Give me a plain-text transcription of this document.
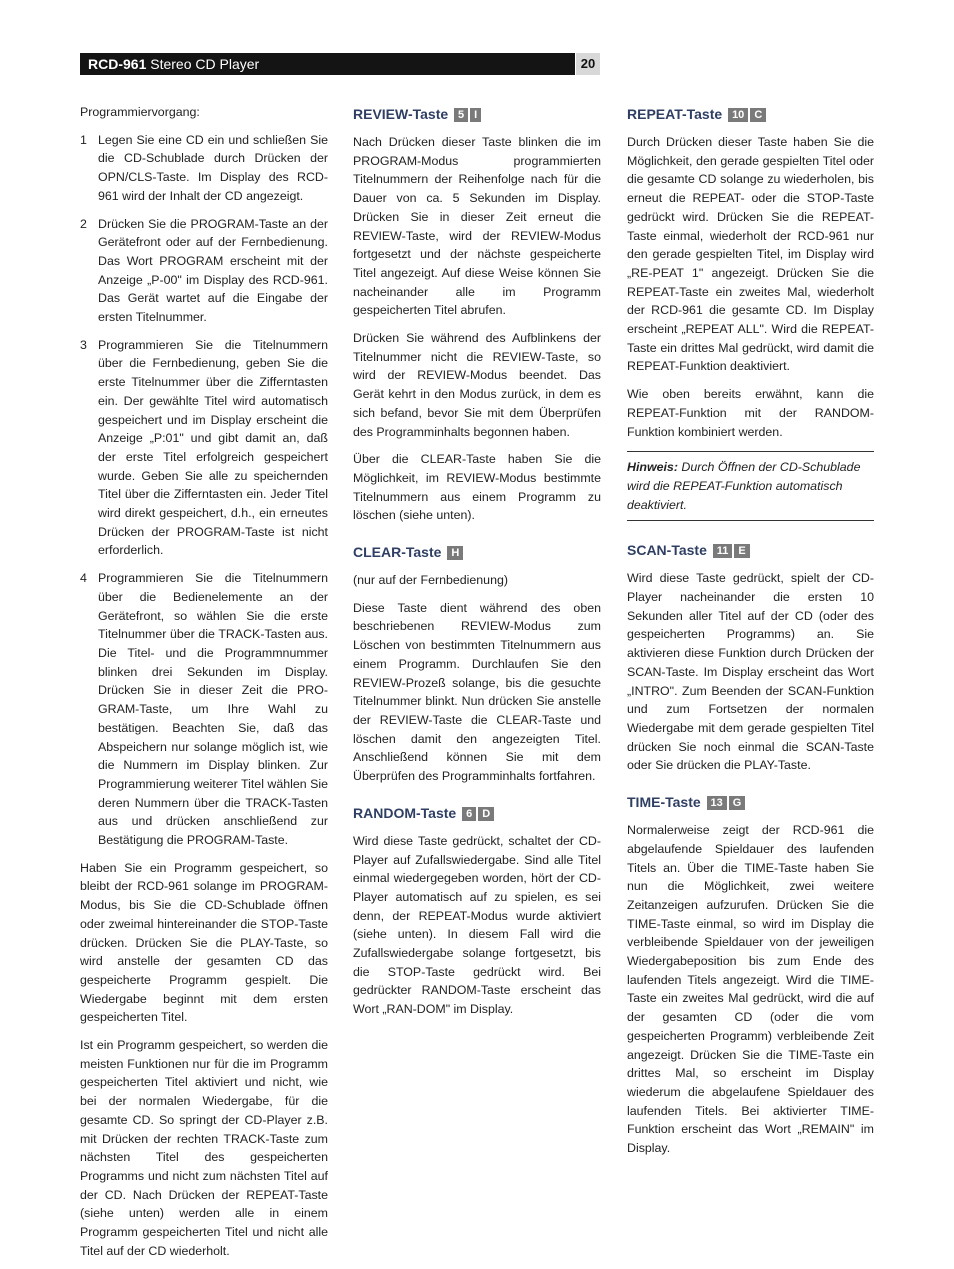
RCD-961 Stereo CD Player	20

Programmiervorgang:

1 Legen Sie eine CD ein und schließen Sie die CD-Schublade durch Drücken der OPN/CLS-Taste. Im Display des RCD-961 wird der Inhalt der CD angezeigt.
2 Drücken Sie die PROGRAM-Taste an der Gerätefront oder auf der Fernbedienung. Das Wort PROGRAM erscheint mit der Anzeige „P-00" im Display des RCD-961. Das Gerät wartet auf die Eingabe der ersten Titelnummer.
3 Programmieren Sie die Titelnummern über die Fernbedienung, geben Sie die erste Titelnummer über die Zifferntasten ein. Der gewählte Titel wird automatisch gespeichert und im Display erscheint die Anzeige „P:01" und gibt damit an, daß der erste Titel erfolgreich gespeichert wurde. Geben Sie alle zu speichernden Titel über die Zifferntasten ein. Jeder Titel wird direkt gespeichert, d.h., ein erneutes Drücken der PROGRAM-Taste ist nicht erforderlich.
4 Programmieren Sie die Titelnummern über die Bedienelemente an der Gerätefront, so wählen Sie die erste Titelnummer über die TRACK-Tasten aus. Die Titel- und die Programmnummer blinken drei Sekunden im Display. Drücken Sie in dieser Zeit die PRO-GRAM-Taste, um Ihre Wahl zu bestätigen. Beachten Sie, daß das Abspeichern nur solange möglich ist, wie die Nummern im Display blinken. Zur Programmierung weiterer Titel wählen Sie deren Nummern über die TRACK-Tasten aus und drücken anschließend zur Bestätigung die PROGRAM-Taste.

Haben Sie ein Programm gespeichert, so bleibt der RCD-961 solange im PROGRAM-Modus, bis Sie die CD-Schublade öffnen oder zweimal hintereinander die STOP-Taste drücken. Drücken Sie die PLAY-Taste, so wird anstelle der gesamten CD das gespeicherte Programm gespielt. Die Wiedergabe beginnt mit dem ersten gespeicherten Titel.

Ist ein Programm gespeichert, so werden die meisten Funktionen nur für die im Programm gespeicherten Titel aktiviert und nicht, wie bei der normalen Wiedergabe, für die gesamte CD. So springt der CD-Player z.B. mit Drücken der rechten TRACK-Taste zum nächsten Titel des gespeicherten Programms und nicht zum nächsten Titel auf der CD. Nach Drücken der REPEAT-Taste (siehe unten) werden alle in einem Programm gespeicherten Titel und nicht alle Titel auf der CD wiederholt.

REVIEW-Taste 5 I

Nach Drücken dieser Taste blinken die im PROGRAM-Modus programmierten Titelnummern der Reihenfolge nach für die Dauer von ca. 5 Sekunden im Display. Drücken Sie in dieser Zeit erneut die REVIEW-Taste, wird der REVIEW-Modus fortgesetzt und der nächste gespeicherte Titel angezeigt. Auf diese Weise können Sie nacheinander alle im Programm gespeicherten Titel abrufen.

Drücken Sie während des Aufblinkens der Titelnummer nicht die REVIEW-Taste, so wird der REVIEW-Modus beendet. Das Gerät kehrt in den Modus zurück, in dem es sich befand, bevor Sie mit dem Überprüfen des Programminhalts begonnen haben.

Über die CLEAR-Taste haben Sie die Möglichkeit, im REVIEW-Modus bestimmte Titelnummern aus einem Programm zu löschen (siehe unten).

CLEAR-Taste H

(nur auf der Fernbedienung)

Diese Taste dient während des oben beschriebenen REVIEW-Modus zum Löschen von bestimmten Titelnummern aus einem Programm. Durchlaufen Sie den REVIEW-Prozeß solange, bis die gesuchte Titelnummer blinkt. Nun drücken Sie anstelle der REVIEW-Taste die CLEAR-Taste und löschen damit den angezeigten Titel. Anschließend können Sie mit dem Überprüfen des Programminhalts fortfahren.

RANDOM-Taste 6 D

Wird diese Taste gedrückt, schaltet der CD-Player auf Zufallswiedergabe. Sind alle Titel einmal wiedergegeben worden, hört der CD-Player automatisch auf zu spielen, es sei denn, der REPEAT-Modus wurde aktiviert (siehe unten). In diesem Fall wird die Zufallswiedergabe solange fortgesetzt, bis die STOP-Taste gedrückt wird. Bei gedrückter RANDOM-Taste erscheint das Wort „RAN-DOM" im Display.

REPEAT-Taste 10 C

Durch Drücken dieser Taste haben Sie die Möglichkeit, den gerade gespielten Titel oder die gesamte CD solange zu wiederholen, bis erneut die REPEAT- oder die STOP-Taste gedrückt wird. Drücken Sie die REPEAT-Taste einmal, wiederholt der RCD-961 nur den gerade gespielten Titel, im Display wird „RE-PEAT 1" angezeigt. Drücken Sie die REPEAT-Taste ein zweites Mal, wiederholt der RCD-961 die gesamte CD. Im Display erscheint „REPEAT ALL". Wird die REPEAT-Taste ein drittes Mal gedrückt, wird damit die REPEAT-Funktion deaktiviert.

Wie oben bereits erwähnt, kann die REPEAT-Funktion mit der RANDOM-Funktion kombiniert werden.

Hinweis: Durch Öffnen der CD-Schublade wird die REPEAT-Funktion automatisch deaktiviert.
SCAN-Taste 11 E

Wird diese Taste gedrückt, spielt der CD-Player nacheinander die ersten 10 Sekunden aller Titel auf der CD (oder des gespeicherten Programms) an. Sie aktivieren diese Funktion durch Drücken der SCAN-Taste. Im Display erscheint das Wort „INTRO". Zum Beenden der SCAN-Funktion und zum Fortsetzen der normalen Wiedergabe mit dem gerade gespielten Titel drücken Sie noch einmal die SCAN-Taste oder Sie drücken die PLAY-Taste.

TIME-Taste 13 G

Normalerweise zeigt der RCD-961 die abgelaufende Spieldauer des laufenden Titels an. Über die TIME-Taste haben Sie nun die Möglichkeit, zwei weitere Zeitanzeigen aufzurufen. Drücken Sie die TIME-Taste einmal, so wird im Display die verbleibende Spieldauer von der jeweiligen Wiedergabeposition bis zum Ende des laufenden Titels angezeigt. Wird die TIME-Taste ein zweites Mal gedrückt, wird die auf der gesamten CD (oder die vom gespeicherten Programm) verbleibende Zeit angezeigt. Drücken Sie die TIME-Taste ein drittes Mal, so erscheint im Display wiederum die abgelaufene Spieldauer des laufenden Titels. Bei aktivierter TIME-Funktion erscheint das Wort „REMAIN" im Display.
